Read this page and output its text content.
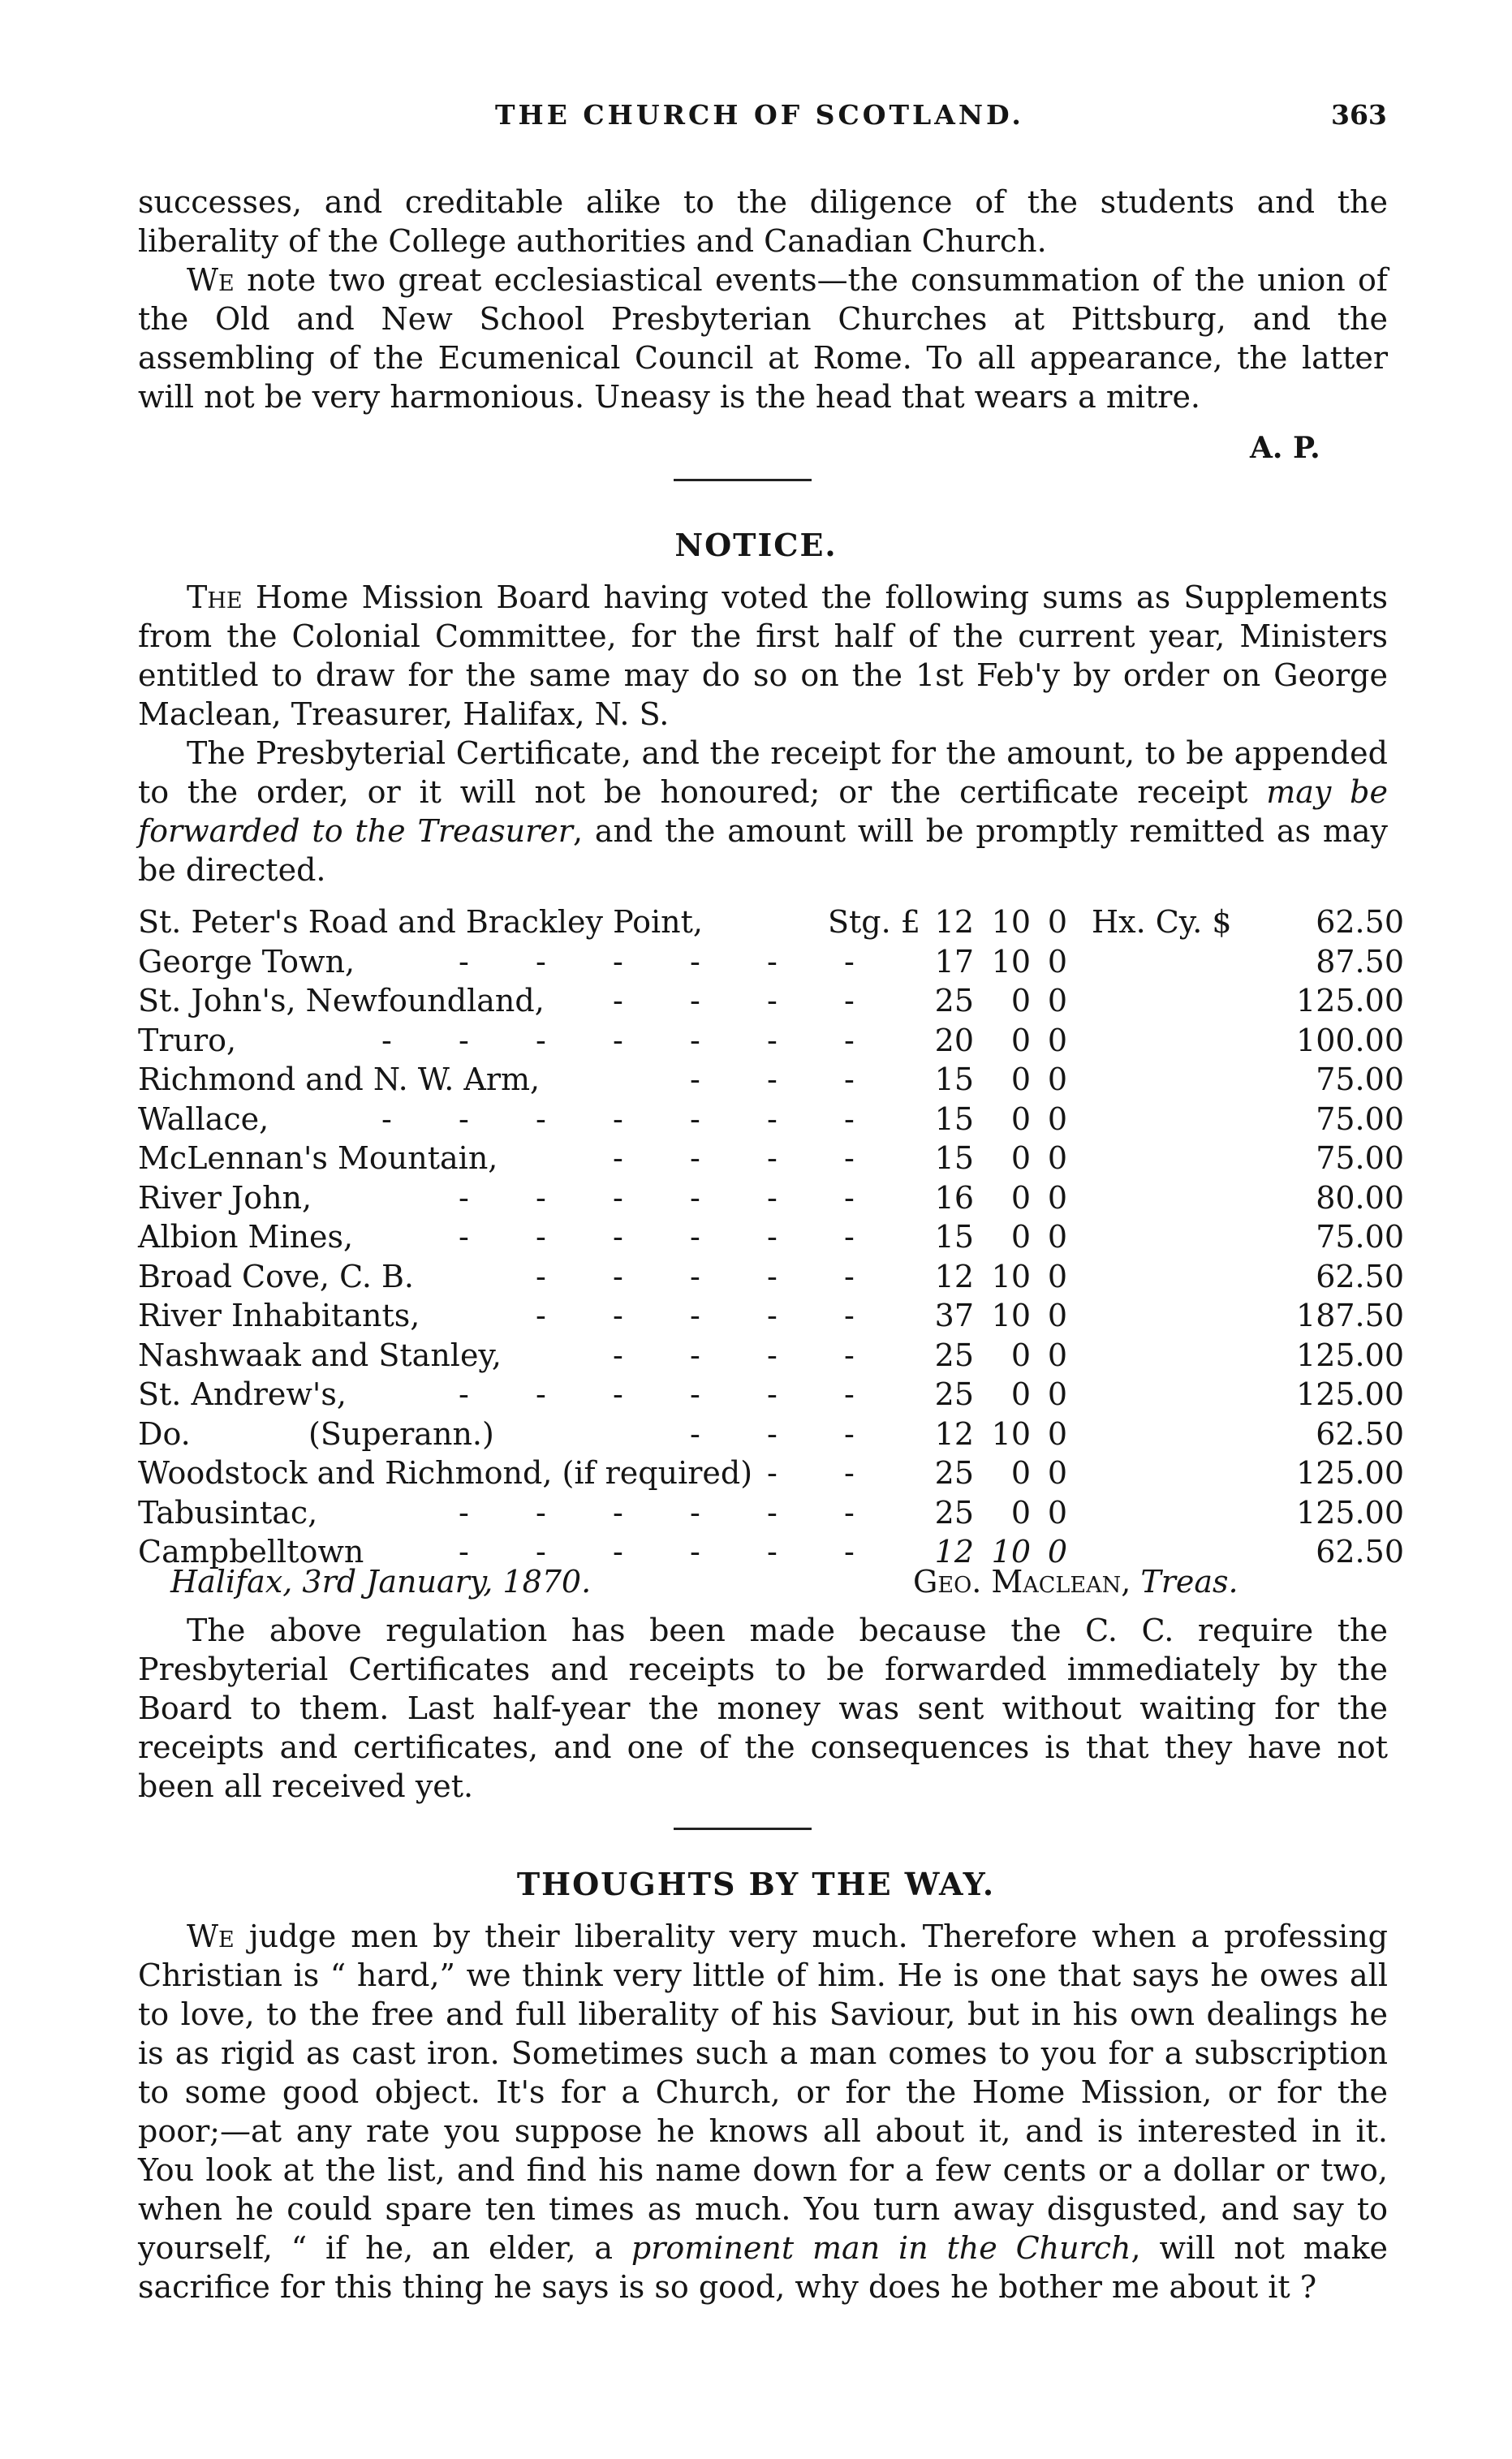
THE CHURCH OF SCOTLAND.	363

successes, and creditable alike to the diligence of the students and the liberality of the College authorities and Canadian Church.

We note two great ecclesiastical events—the consummation of the union of the Old and New School Presbyterian Churches at Pittsburg, and the assembling of the Ecumenical Council at Rome. To all appearance, the latter will not be very harmonious. Uneasy is the head that wears a mitre.

A. P.
NOTICE.

The Home Mission Board having voted the following sums as Supplements from the Colonial Committee, for the first half of the current year, Ministers entitled to draw for the same may do so on the 1st Feb'y by order on George Maclean, Treasurer, Halifax, N. S.

The Presbyterial Certificate, and the receipt for the amount, to be appended to the order, or it will not be honoured; or the certificate receipt may be forwarded to the Treasurer, and the amount will be promptly remitted as may be directed.

St. Peter's Road and Brackley Point,	Stg. £ 12 10 0 Hx. Cy. $	62.50
George Town,	- - - - - -	17 10 0	87.50
St. John's, Newfoundland, - - - -	25	0 0	125.00
Truro,	- - - - - - -	20	0 0	100.00
Richmond and N. W. Arm,	- - -	15	0 0	75.00
Wallace,	- - - - - - -	15	0 0	75.00
McLennan's Mountain,	- - - -	15	0 0	75.00
River John,	- - - - - -	16	0 0	80.00
Albion Mines,	- - - - - -	15	0 0	75.00
Broad Cove, C. B.	- - - - -	12 10 0	62.50
River Inhabitants,	- - - - -	37 10 0	187.50
Nashwaak and Stanley,	- - - -	25	0 0	125.00
St. Andrew's,	- - - - - -	25	0 0	125.00
Do.	(Superann.)	- - -	12 10 0	62.50
Woodstock and Richmond, (if required) - -	25	0 0	125.00
Tabusintac,	- - - - - -	25	0 0	125.00
Campbelltown	- - - - - -	12 10 0	62.50
Halifax, 3rd January, 1870.	Geo. Maclean, Treas.

The above regulation has been made because the C. C. require the Presbyterial Certificates and receipts to be forwarded immediately by the Board to them. Last half-year the money was sent without waiting for the receipts and certificates, and one of the consequences is that they have not been all received yet.

THOUGHTS BY THE WAY.

We judge men by their liberality very much. Therefore when a professing Christian is “ hard,” we think very little of him. He is one that says he owes all to love, to the free and full liberality of his Saviour, but in his own dealings he is as rigid as cast iron. Sometimes such a man comes to you for a subscription to some good object. It's for a Church, or for the Home Mission, or for the poor;—at any rate you suppose he knows all about it, and is interested in it. You look at the list, and find his name down for a few cents or a dollar or two, when he could spare ten times as much. You turn away disgusted, and say to yourself, “ if he, an elder, a prominent man in the Church, will not make sacrifice for this thing he says is so good, why does he bother me about it ?
